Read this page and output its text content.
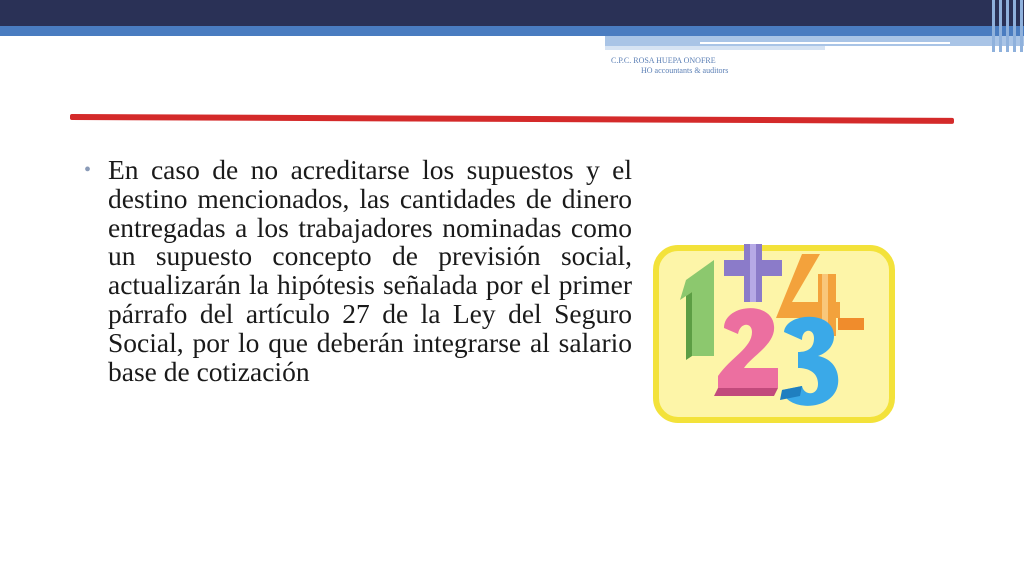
C.P.C. ROSA HUEPA ONOFRE
HO accountants & auditors
• En caso de no acreditarse los supuestos y el destino mencionados, las cantidades de dinero entregadas a los trabajadores nominadas como un supuesto concepto de previsión social, actualizarán la hipótesis señalada por el primer párrafo del artículo 27 de la Ley del Seguro Social, por lo que deberán integrarse al salario base de cotización
